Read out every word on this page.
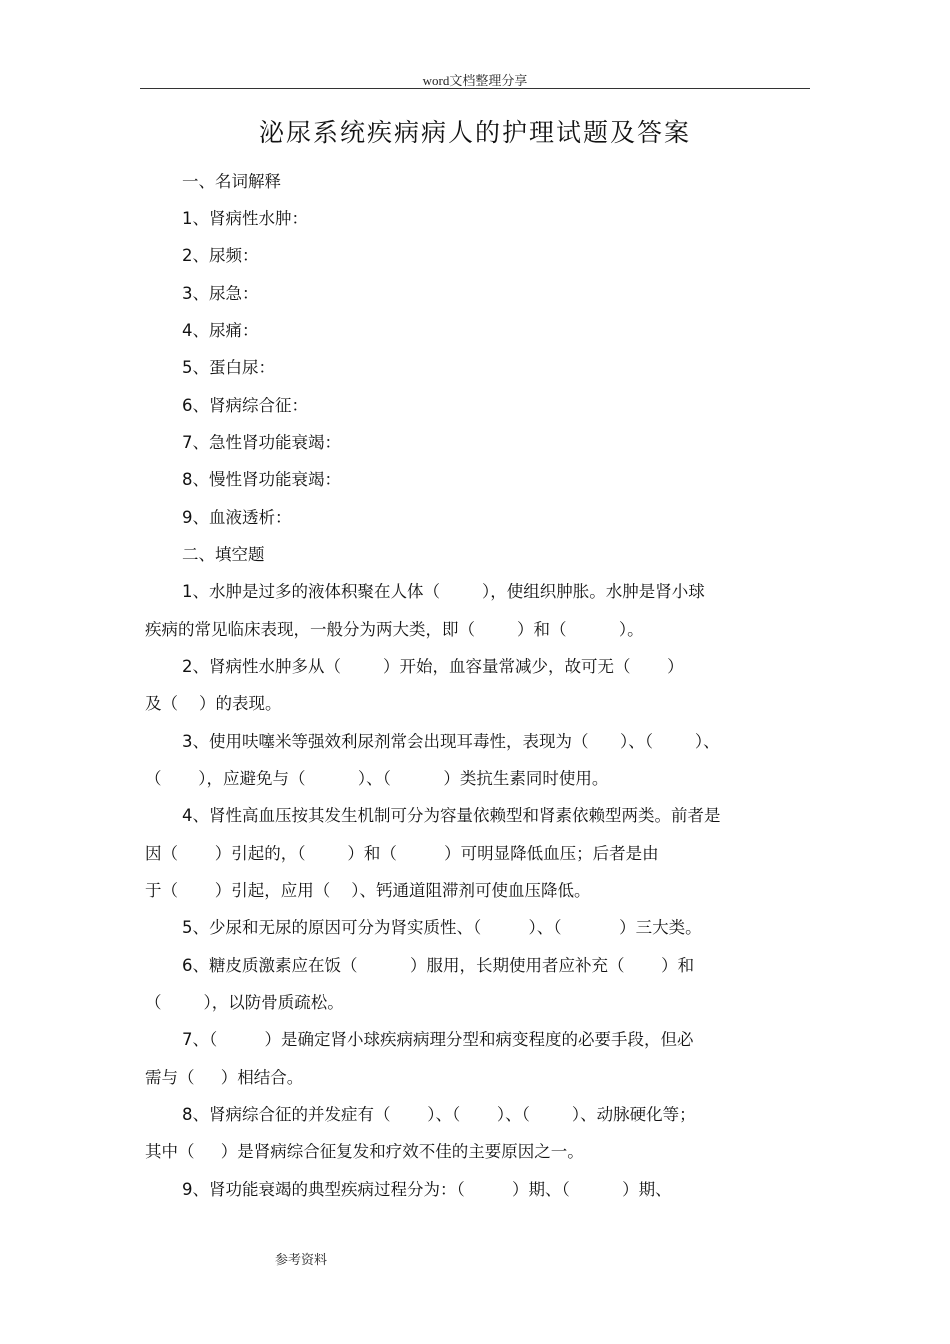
word文档整理分享
泌尿系统疾病病人的护理试题及答案
一、名词解释
1、肾病性水肿：
2、尿频：
3、尿急：
4、尿痛：
5、蛋白尿：
6、肾病综合征：
7、急性肾功能衰竭：
8、慢性肾功能衰竭：
9、血液透析：
二、填空题
1、水肿是过多的液体积聚在人体（        ），使组织肿胀。水肿是肾小球
疾病的常见临床表现，一般分为两大类，即（        ）和（          ）。
2、肾病性水肿多从（        ）开始，血容量常减少，故可无（       ）
及（    ）的表现。
3、使用呋噻米等强效利尿剂常会出现耳毒性，表现为（      ）、（        ）、
（       ），应避免与（          ）、（          ）类抗生素同时使用。
4、肾性高血压按其发生机制可分为容量依赖型和肾素依赖型两类。前者是
因（       ）引起的，（        ）和（         ）可明显降低血压；后者是由
于（       ）引起，应用（    ）、钙通道阻滞剂可使血压降低。
5、少尿和无尿的原因可分为肾实质性、（         ）、（           ）三大类。
6、糖皮质激素应在饭（          ）服用，长期使用者应补充（       ）和
（        ），以防骨质疏松。
7、（         ）是确定肾小球疾病病理分型和病变程度的必要手段，但必
需与（     ）相结合。
8、肾病综合征的并发症有（       ）、（       ）、（        ）、动脉硬化等；
其中（     ）是肾病综合征复发和疗效不佳的主要原因之一。
9、肾功能衰竭的典型疾病过程分为：（         ）期、（          ）期、
参考资料
